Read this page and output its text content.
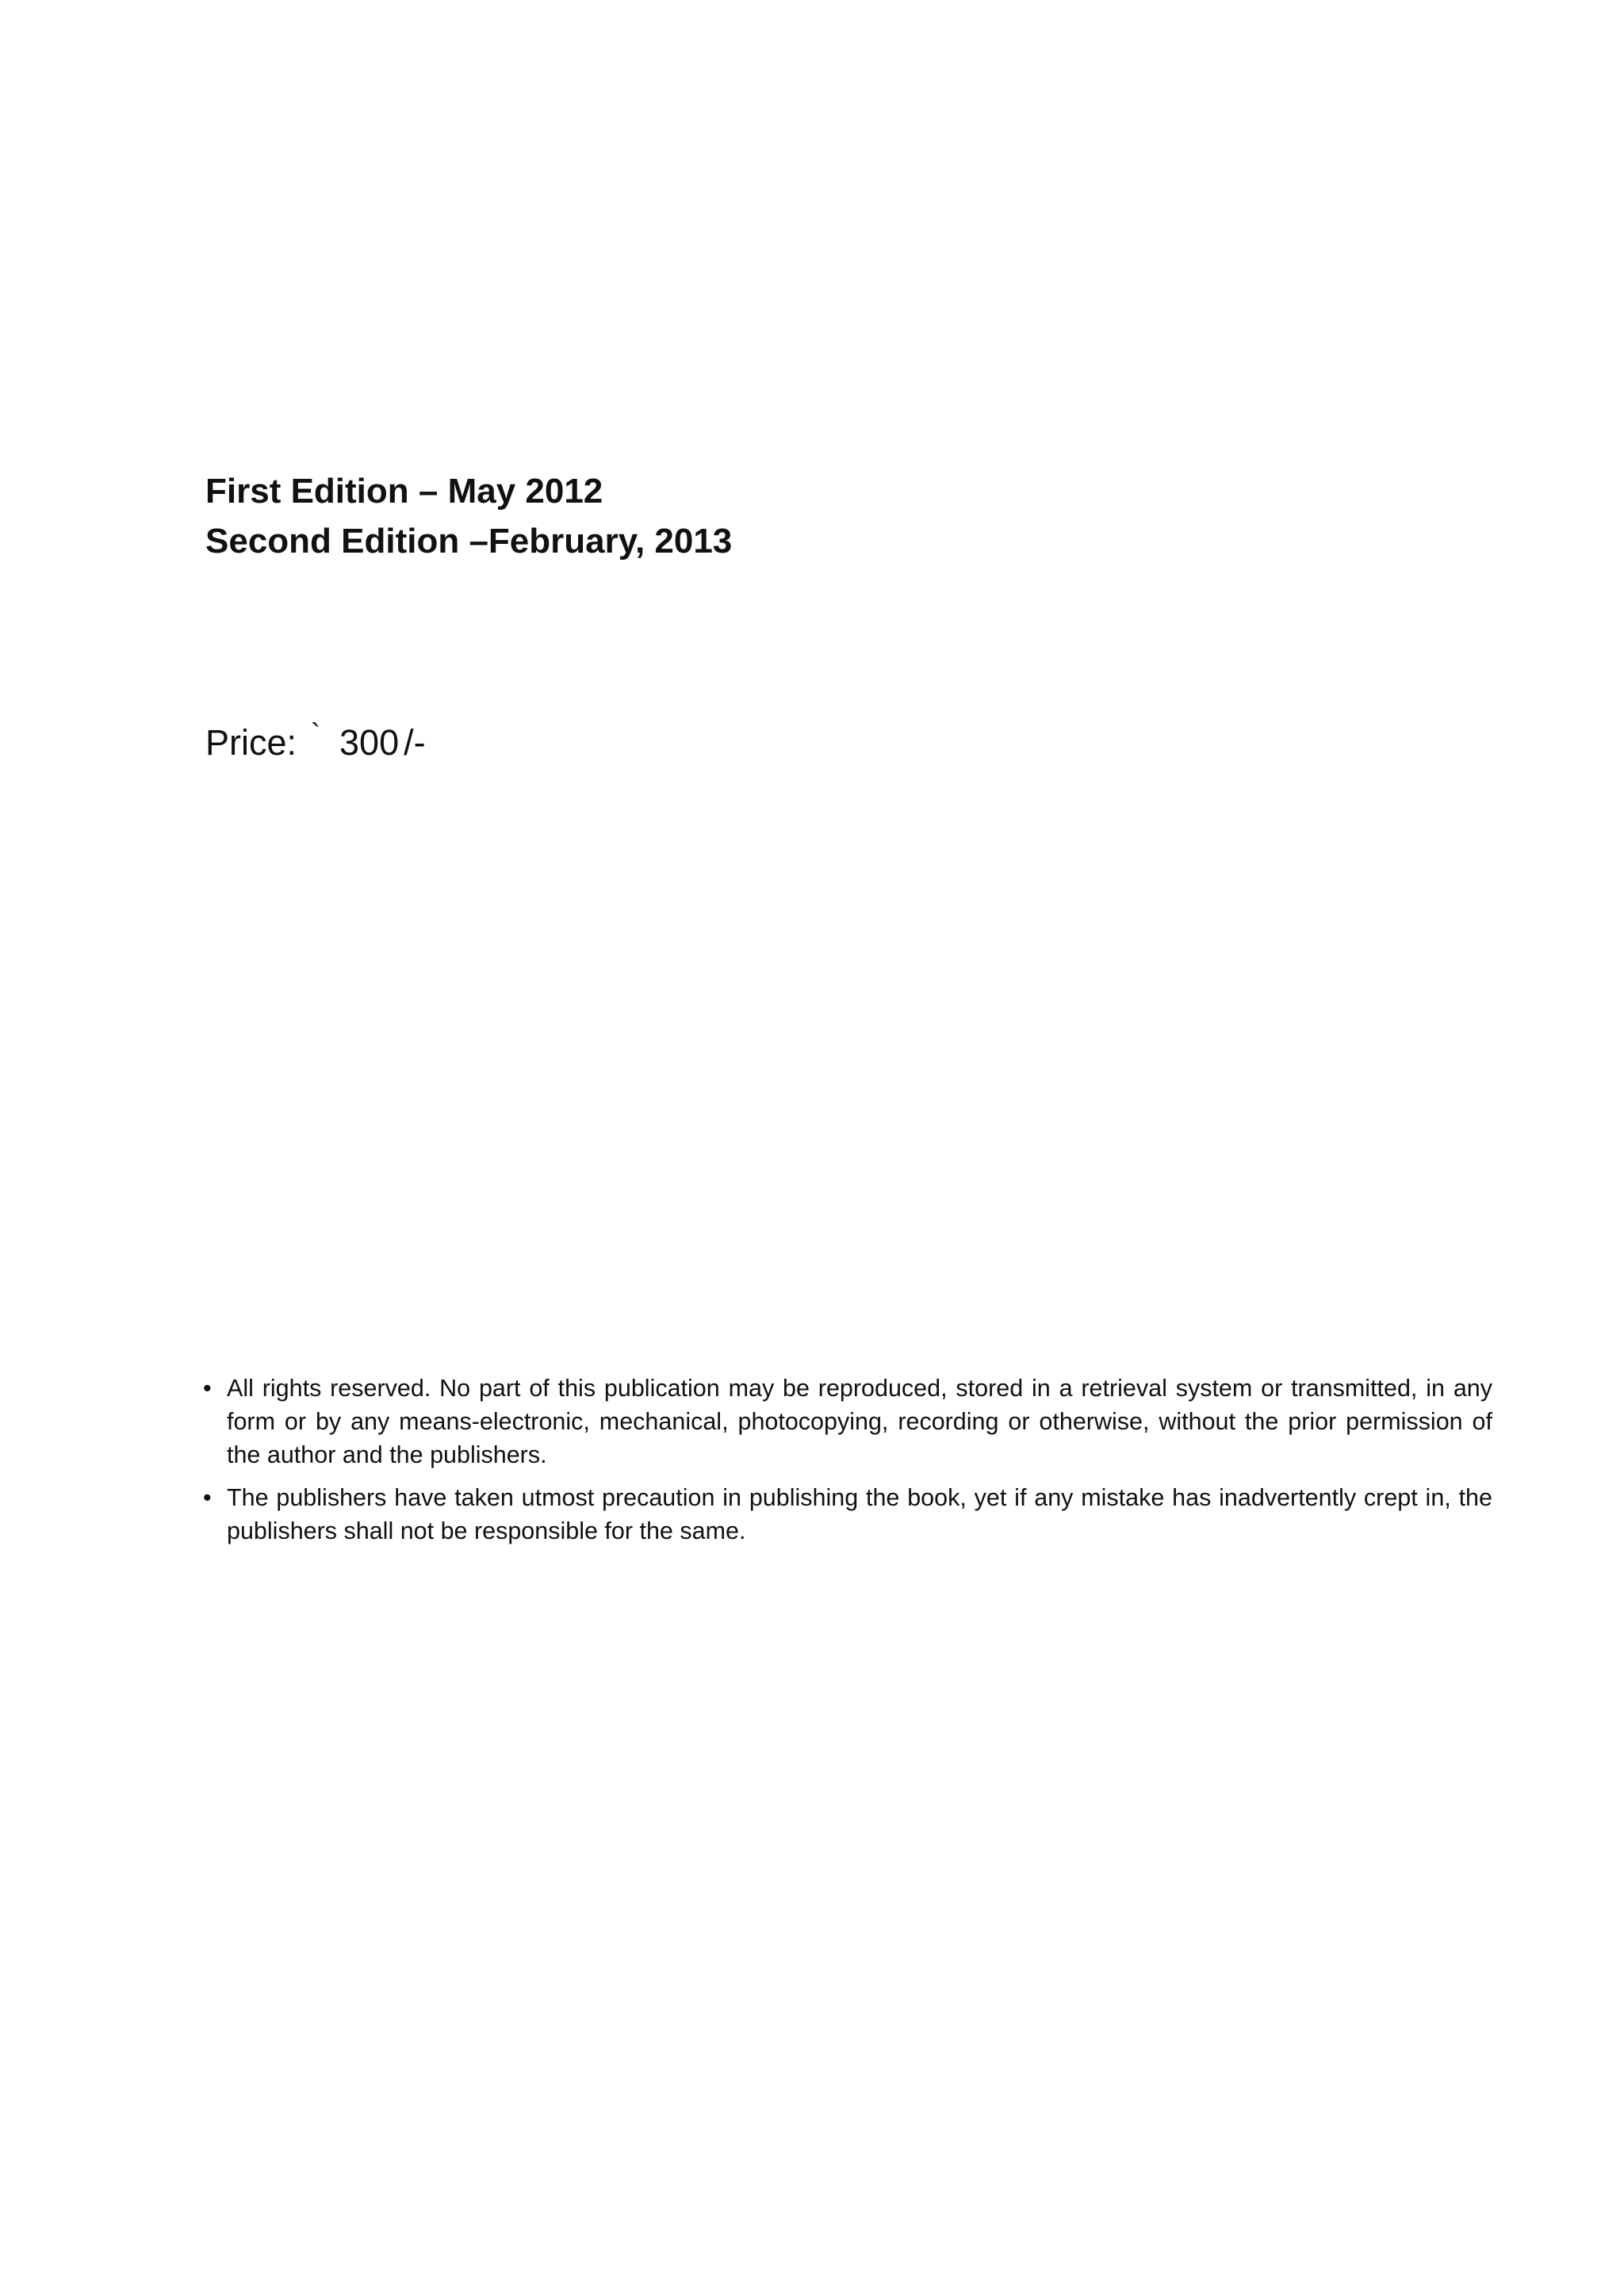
First Edition – May 2012
Second Edition –February, 2013
Price: ` 300 /-
• All rights reserved. No part of this publication may be reproduced, stored in a retrieval system or transmitted, in any form or by any means-electronic, mechanical, photocopying, recording or otherwise, without the prior permission of the author and the publishers.
• The publishers have taken utmost precaution in publishing the book, yet if any mistake has inadvertently crept in, the publishers shall not be responsible for the same.
